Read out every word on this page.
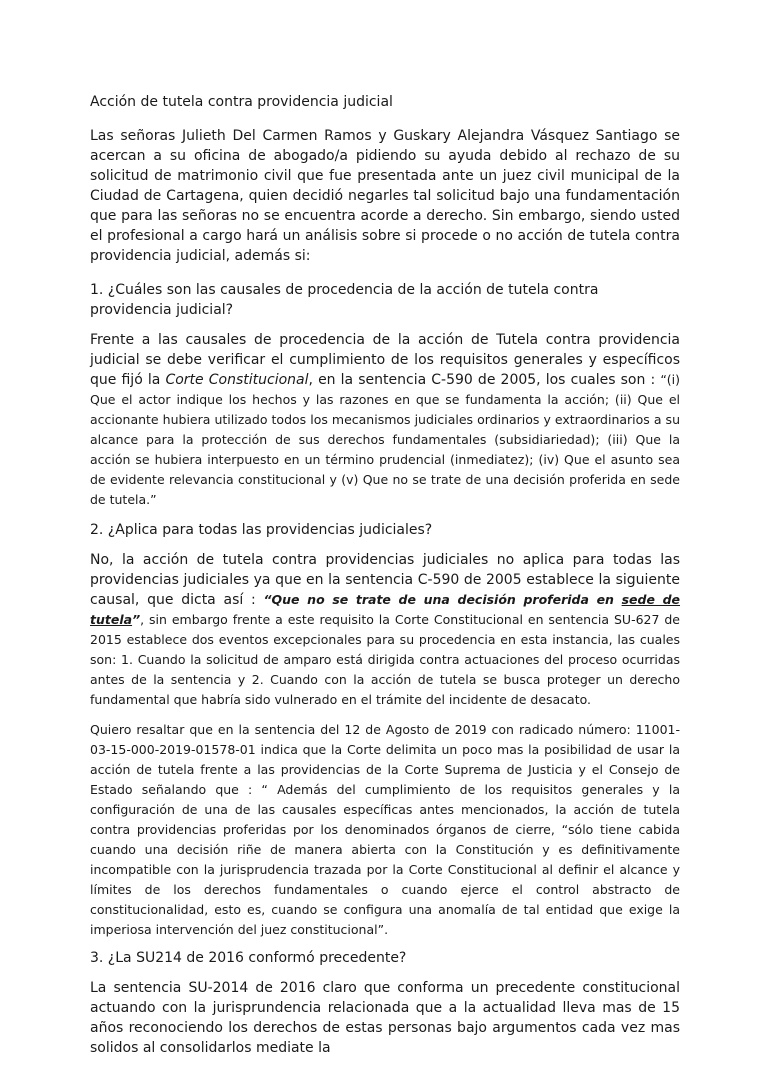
Acción de tutela contra providencia judicial

Las señoras Julieth Del Carmen Ramos y Guskary Alejandra Vásquez Santiago se acercan a su oficina de abogado/a pidiendo su ayuda debido al rechazo de su solicitud de matrimonio civil que fue presentada ante un juez civil municipal de la Ciudad de Cartagena, quien decidió negarles tal solicitud bajo una fundamentación que para las señoras no se encuentra acorde a derecho. Sin embargo, siendo usted el profesional a cargo hará un análisis sobre si procede o no acción de tutela contra providencia judicial, además si:

1. ¿Cuáles son las causales de procedencia de la acción de tutela contra providencia judicial?

Frente a las causales de procedencia de la acción de Tutela contra providencia judicial se debe verificar el cumplimiento de los requisitos generales y específicos que fijó la Corte Constitucional, en la sentencia C-590 de 2005, los cuales son : “(i) Que el actor indique los hechos y las razones en que se fundamenta la acción; (ii) Que el accionante hubiera utilizado todos los mecanismos judiciales ordinarios y extraordinarios a su alcance para la protección de sus derechos fundamentales (subsidiariedad); (iii) Que la acción se hubiera interpuesto en un término prudencial (inmediatez); (iv) Que el asunto sea de evidente relevancia constitucional y (v) Que no se trate de una decisión proferida en sede de tutela.”

2. ¿Aplica para todas las providencias judiciales?

No, la acción de tutela contra providencias judiciales no aplica para todas las providencias judiciales ya que en la sentencia C-590 de 2005 establece la siguiente causal, que dicta así : “Que no se trate de una decisión proferida en sede de tutela”, sin embargo frente a este requisito la Corte Constitucional en sentencia SU-627 de 2015 establece dos eventos excepcionales para su procedencia en esta instancia, las cuales son: 1. Cuando la solicitud de amparo está dirigida contra actuaciones del proceso ocurridas antes de la sentencia y 2. Cuando con la acción de tutela se busca proteger un derecho fundamental que habría sido vulnerado en el trámite del incidente de desacato.

Quiero resaltar que en la sentencia del 12 de Agosto de 2019 con radicado número: 11001-03-15-000-2019-01578-01 indica que la Corte delimita un poco mas la posibilidad de usar la acción de tutela frente a las providencias de la Corte Suprema de Justicia y el Consejo de Estado señalando que : “ Además del cumplimiento de los requisitos generales y la configuración de una de las causales específicas antes mencionados, la acción de tutela contra providencias proferidas por los denominados órganos de cierre, “sólo tiene cabida cuando una decisión riñe de manera abierta con la Constitución y es definitivamente incompatible con la jurisprudencia trazada por la Corte Constitucional al definir el alcance y límites de los derechos fundamentales o cuando ejerce el control abstracto de constitucionalidad, esto es, cuando se configura una anomalía de tal entidad que exige la imperiosa intervención del juez constitucional”.

3. ¿La SU214 de 2016 conformó precedente?

La sentencia SU-2014 de 2016 claro que conforma un precedente constitucional actuando con la jurisprundencia relacionada que a la actualidad lleva mas de 15 años reconociendo los derechos de estas personas bajo argumentos cada vez mas solidos al consolidarlos mediate la
